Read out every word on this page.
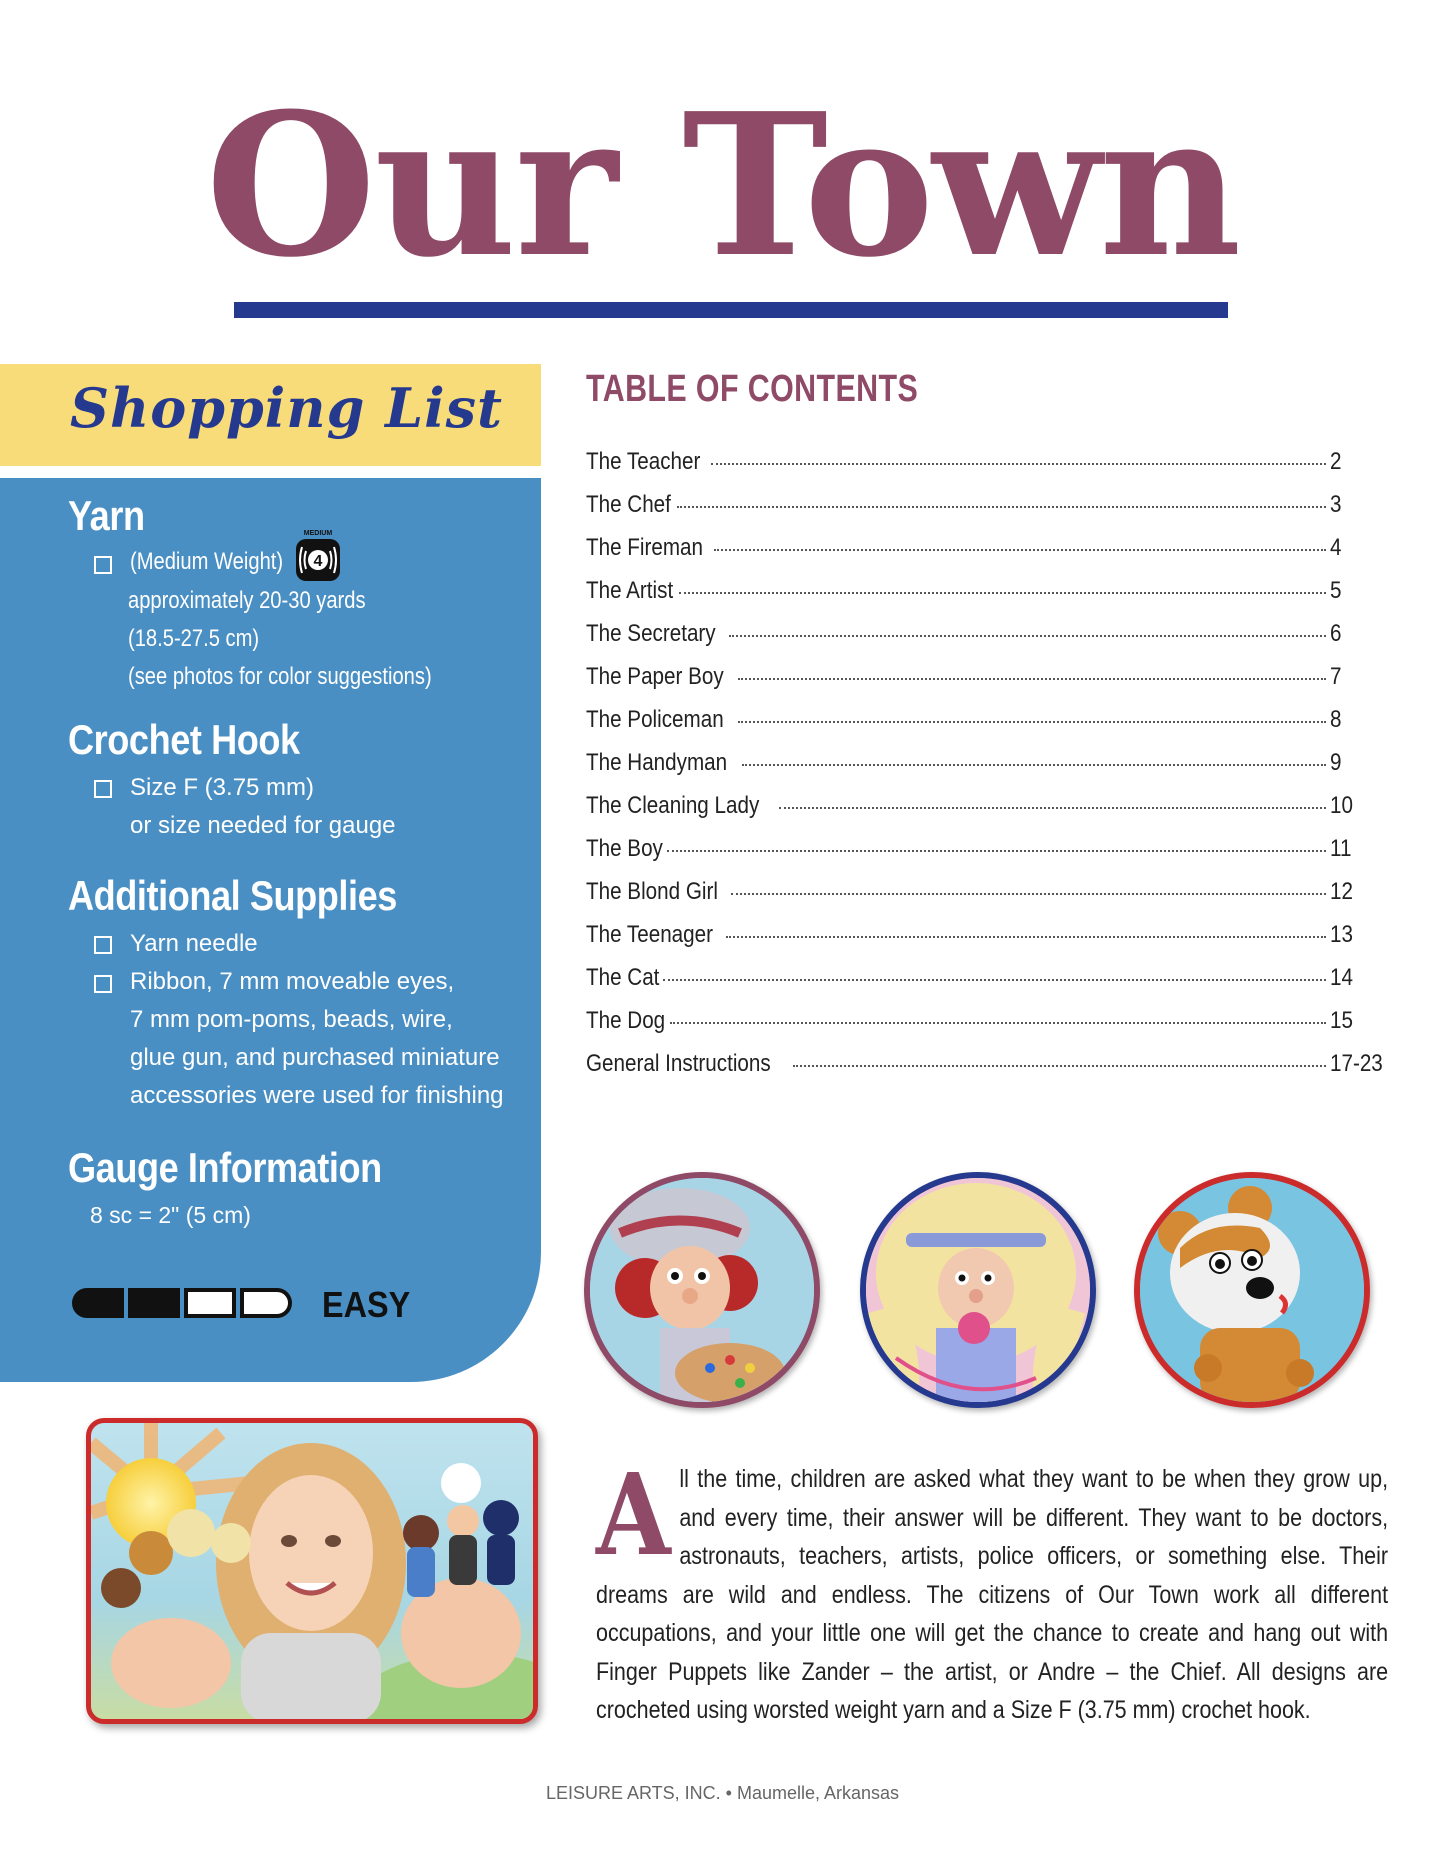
Our Town
Shopping List
Yarn
(Medium Weight)
MEDIUM
4
approximately 20-30 yards
(18.5-27.5 cm)
(see photos for color suggestions)
Crochet Hook
Size F (3.75 mm)
or size needed for gauge
Additional Supplies
Yarn needle
Ribbon, 7 mm moveable eyes,
7 mm pom-poms, beads, wire,
glue gun, and purchased miniature
accessories were used for finishing
Gauge Information
8 sc = 2" (5 cm)
EASY
TABLE OF CONTENTS
The Teacher	2
The Chef	3
The Fireman	4
The Artist	5
The Secretary	6
The Paper Boy	7
The Policeman	8
The Handyman	9
The Cleaning Lady	10
The Boy	11
The Blond Girl	12
The Teenager	13
The Cat	14
The Dog	15
General Instructions	17-23
All the time, children are asked what they want to be when they grow up, and every time, their answer will be different. They want to be doctors, astronauts, teachers, artists, police officers, or something else. Their dreams are wild and endless. The citizens of Our Town work all different occupations, and your little one will get the chance to create and hang out with Finger Puppets like Zander – the artist, or Andre – the Chief. All designs are crocheted using worsted weight yarn and a Size F (3.75 mm) crochet hook.
LEISURE ARTS, INC. • Maumelle, Arkansas
